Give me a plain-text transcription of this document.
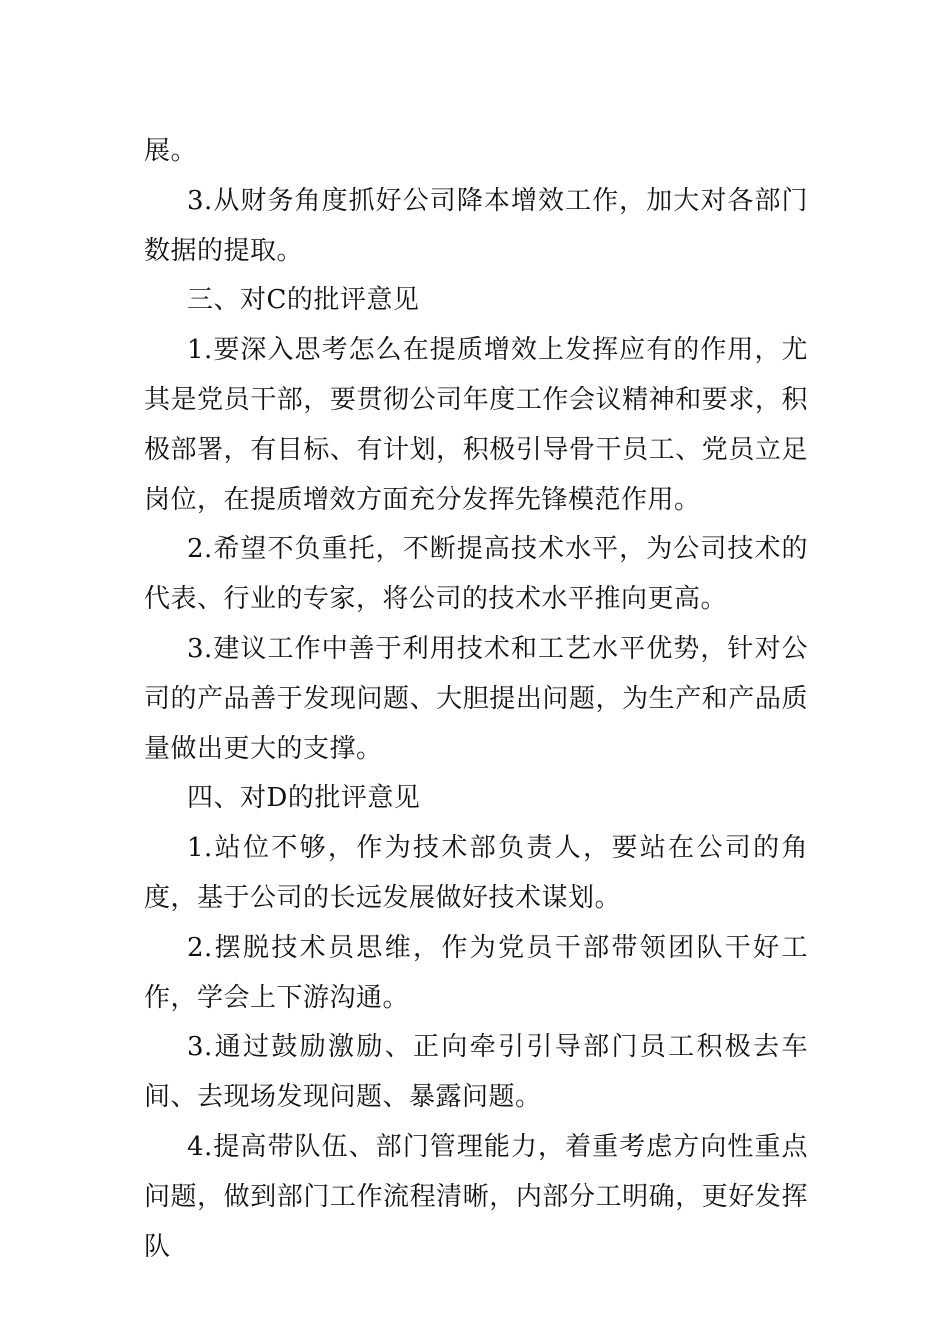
展。

3.从财务角度抓好公司降本增效工作，加大对各部门数据的提取。

三、对C的批评意见

1.要深入思考怎么在提质增效上发挥应有的作用，尤其是党员干部，要贯彻公司年度工作会议精神和要求，积极部署，有目标、有计划，积极引导骨干员工、党员立足岗位，在提质增效方面充分发挥先锋模范作用。

2.希望不负重托，不断提高技术水平，为公司技术的代表、行业的专家，将公司的技术水平推向更高。

3.建议工作中善于利用技术和工艺水平优势，针对公司的产品善于发现问题、大胆提出问题，为生产和产品质量做出更大的支撑。

四、对D的批评意见

1.站位不够，作为技术部负责人，要站在公司的角度，基于公司的长远发展做好技术谋划。

2.摆脱技术员思维，作为党员干部带领团队干好工作，学会上下游沟通。

3.通过鼓励激励、正向牵引引导部门员工积极去车间、去现场发现问题、暴露问题。

4.提高带队伍、部门管理能力，着重考虑方向性重点问题，做到部门工作流程清晰，内部分工明确，更好发挥队
